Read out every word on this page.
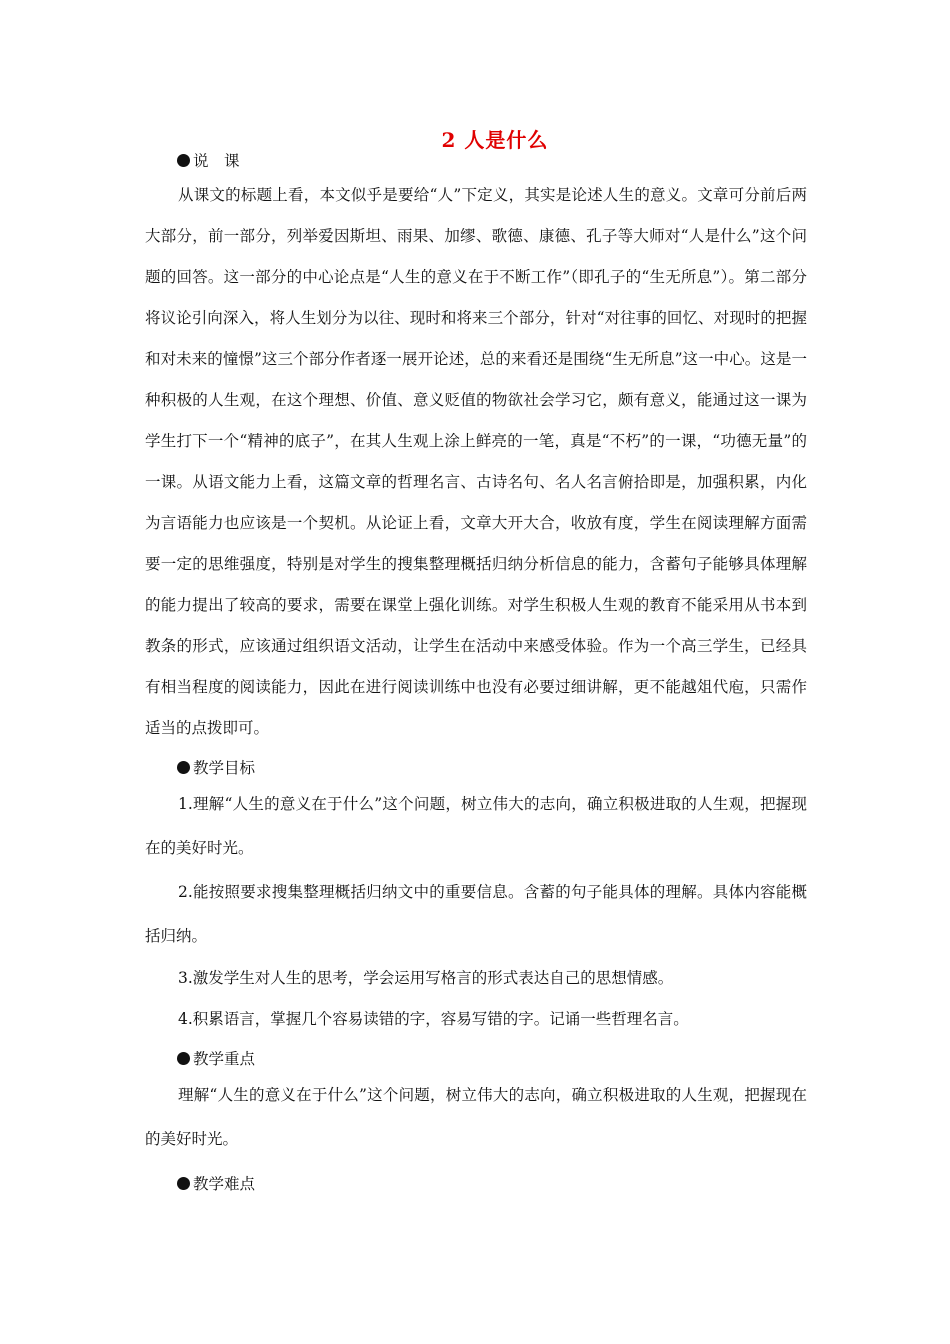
2 人是什么
说　课

从课文的标题上看，本文似乎是要给“人”下定义，其实是论述人生的意义。文章可分前后两大部分，前一部分，列举爱因斯坦、雨果、加缪、歌德、康德、孔子等大师对“人是什么”这个问题的回答。这一部分的中心论点是“人生的意义在于不断工作”（即孔子的“生无所息”）。第二部分将议论引向深入，将人生划分为以往、现时和将来三个部分，针对“对往事的回忆、对现时的把握和对未来的憧憬”这三个部分作者逐一展开论述，总的来看还是围绕“生无所息”这一中心。这是一种积极的人生观，在这个理想、价值、意义贬值的物欲社会学习它，颇有意义，能通过这一课为学生打下一个“精神的底子”，在其人生观上涂上鲜亮的一笔，真是“不朽”的一课，“功德无量”的一课。从语文能力上看，这篇文章的哲理名言、古诗名句、名人名言俯拾即是，加强积累，内化为言语能力也应该是一个契机。从论证上看，文章大开大合，收放有度，学生在阅读理解方面需要一定的思维强度，特别是对学生的搜集整理概括归纳分析信息的能力，含蓄句子能够具体理解的能力提出了较高的要求，需要在课堂上强化训练。对学生积极人生观的教育不能采用从书本到教条的形式，应该通过组织语文活动，让学生在活动中来感受体验。作为一个高三学生，已经具有相当程度的阅读能力，因此在进行阅读训练中也没有必要过细讲解，更不能越俎代庖，只需作适当的点拨即可。

教学目标

1.理解“人生的意义在于什么”这个问题，树立伟大的志向，确立积极进取的人生观，把握现在的美好时光。

2.能按照要求搜集整理概括归纳文中的重要信息。含蓄的句子能具体的理解。具体内容能概括归纳。

3.激发学生对人生的思考，学会运用写格言的形式表达自己的思想情感。

4.积累语言，掌握几个容易读错的字，容易写错的字。记诵一些哲理名言。

教学重点

理解“人生的意义在于什么”这个问题，树立伟大的志向，确立积极进取的人生观，把握现在的美好时光。

教学难点
